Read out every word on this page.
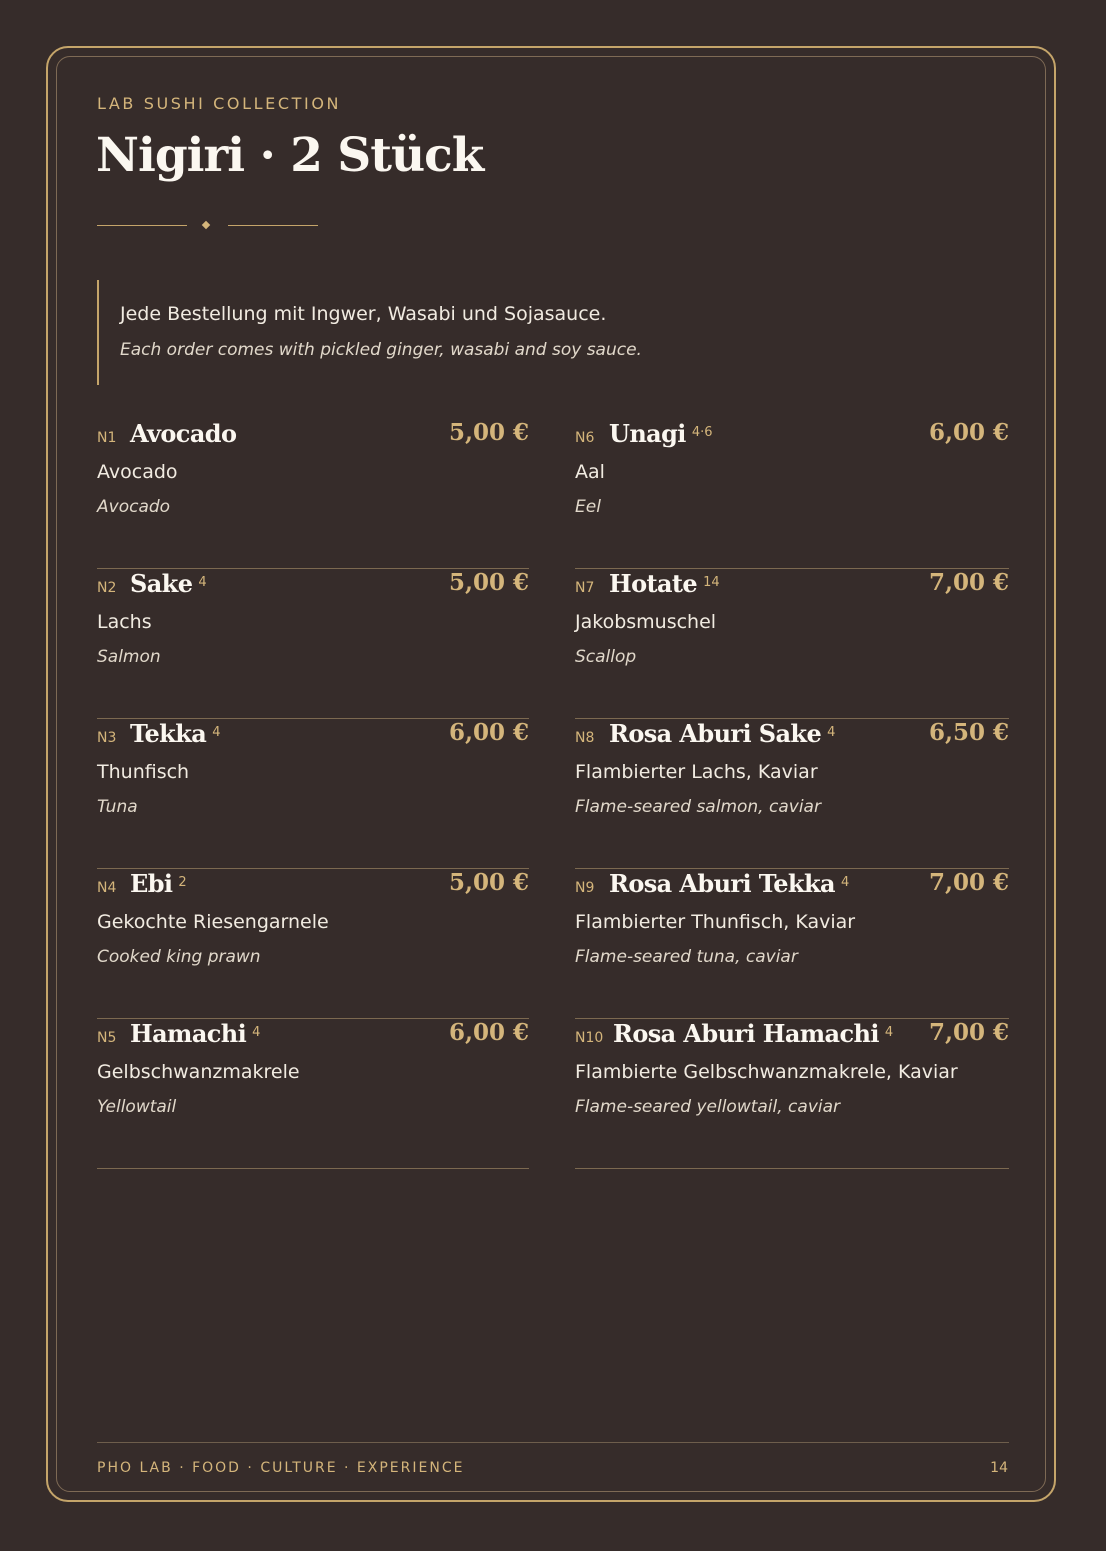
LAB SUSHI COLLECTION
Nigiri · 2 Stück
Jede Bestellung mit Ingwer, Wasabi und Sojasauce.
Each order comes with pickled ginger, wasabi and soy sauce.
N1 Avocado	5,00 €
Avocado
Avocado
N2 Sake $^4$	5,00 €
Lachs
Salmon
N3 Tekka $^4$	6,00 €
Thunfisch
Tuna
N4 Ebi $^2$	5,00 €
Gekochte Riesengarnele
Cooked king prawn
N5 Hamachi $^4$	6,00 €
Gelbschwanzmakrele
Yellowtail
N6 Unagi $^{4\cdot 6}$	6,00 €
Aal
Eel
N7 Hotate $^{14}$	7,00 €
Jakobsmuschel
Scallop
N8 Rosa Aburi Sake $^4$	6,50 €
Flambierter Lachs, Kaviar
Flame-seared salmon, caviar
N9 Rosa Aburi Tekka $^4$	7,00 €
Flambierter Thunfisch, Kaviar
Flame-seared tuna, caviar
N10 Rosa Aburi Hamachi $^4$ 7,00 €
Flambierte Gelbschwanzmakrele, Kaviar
Flame-seared yellowtail, caviar
PHO LAB · FOOD · CULTURE · EXPERIENCE	14
